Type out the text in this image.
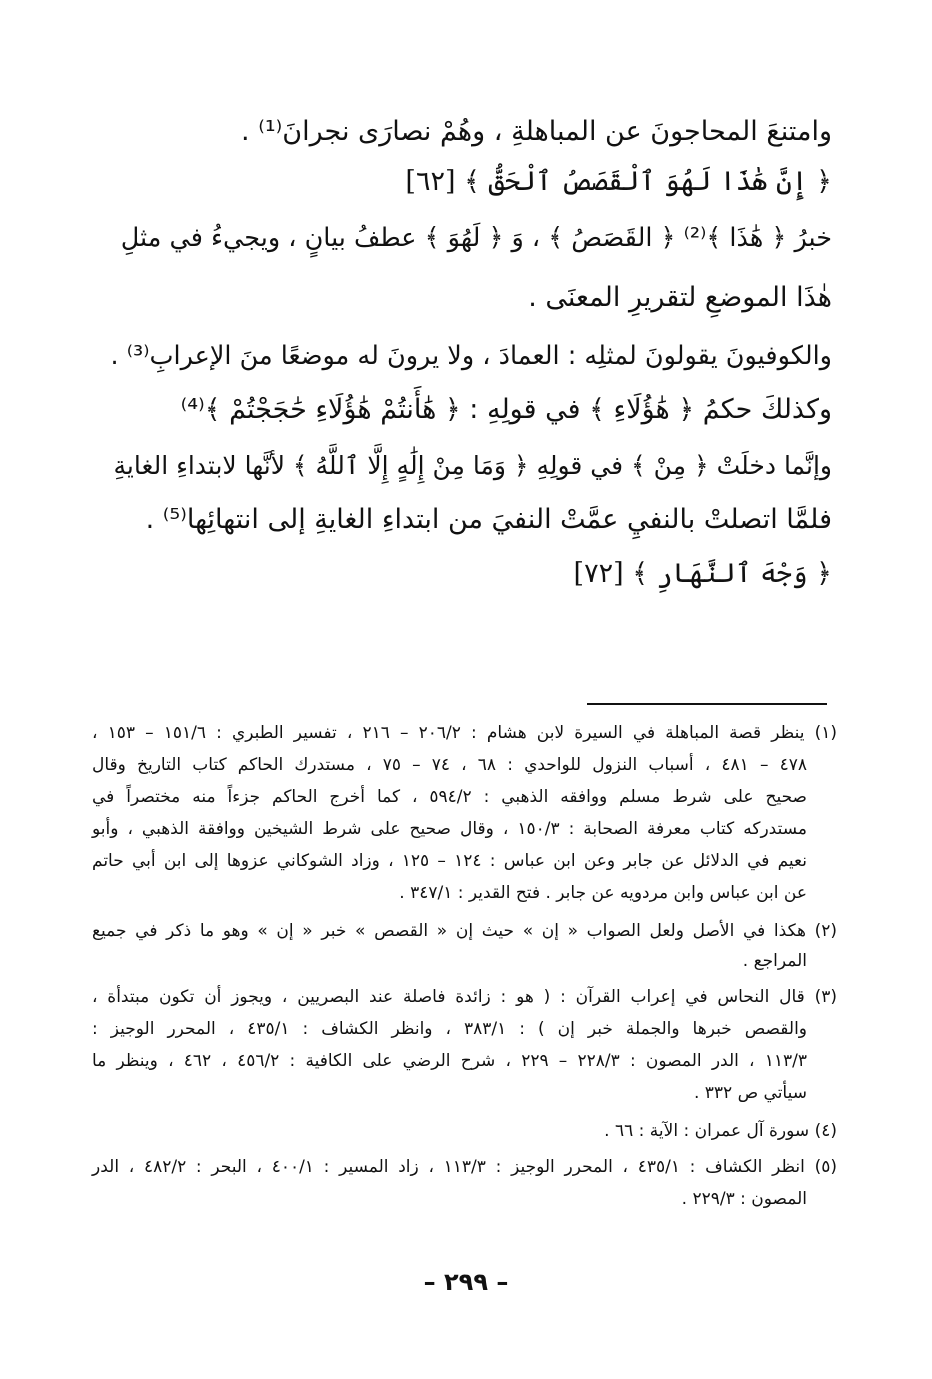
وامتنعَ المحاجونَ عن المباهلةِ ، وهُمْ نصارَى نجرانَ⁽¹⁾ .

﴿ إِنَّ هَٰذَا لَهُوَ ٱلْقَصَصُ ٱلْحَقُّ ﴾ [٦٢]

خبرُ ﴿ هَٰذَا ﴾⁽²⁾ ﴿ القَصَصُ ﴾ ، وَ ﴿ لَهُوَ ﴾ عطفُ بيانٍ ، ويجيءُ في مثلِ

هٰذَا الموضعِ لتقريرِ المعنَى .

والكوفيونَ يقولونَ لمثلِه : العمادَ ، ولا يرونَ له موضعًا منَ الإعرابِ⁽³⁾ .

وكذلكَ حكمُ ﴿ هَٰؤُلَاءِ ﴾ في قولِهِ : ﴿ هَٰأَنتُمْ هَٰؤُلَاءِ حَٰجَجْتُمْ ﴾⁽⁴⁾

وإنَّما دخلَتْ ﴿ مِنْ ﴾ في قولِهِ ﴿ وَمَا مِنْ إِلَٰهٍ إِلَّا ٱللَّهُ ﴾ لأنَّها لابتداءِ الغايةِ

فلمَّا اتصلتْ بالنفيِ عمَّتْ النفيَ من ابتداءِ الغايةِ إلى انتهائِها⁽⁵⁾ .

﴿ وَجْهَ ٱلنَّهَارِ ﴾ [٧٢]

(١) ينظر قصة المباهلة في السيرة لابن هشام : ٢٠٦/٢ – ٢١٦ ، تفسير الطبري : ١٥١/٦ – ١٥٣ ،

٤٧٨ – ٤٨١ ، أسباب النزول للواحدي : ٦٨ ، ٧٤ – ٧٥ ، مستدرك الحاكم كتاب التاريخ وقال

صحيح على شرط مسلم ووافقه الذهبي : ٥٩٤/٢ ، كما أخرج الحاكم جزءاً منه مختصراً في

مستدركه كتاب معرفة الصحابة : ١٥٠/٣ ، وقال صحيح على شرط الشيخين ووافقة الذهبي ، وأبو

نعيم في الدلائل عن جابر وعن ابن عباس : ١٢٤ – ١٢٥ ، وزاد الشوكاني عزوها إلى ابن أبي حاتم

عن ابن عباس وابن مردويه عن جابر . فتح القدير : ٣٤٧/١ .

(٢) هكذا في الأصل ولعل الصواب « إن » حيث إن « القصص » خبر « إن » وهو ما ذكر في جميع

المراجع .

(٣) قال النحاس في إعراب القرآن : ( هو : زائدة فاصلة عند البصريين ، ويجوز أن تكون مبتدأة ،

والقصص خبرها والجملة خبر إن ) : ٣٨٣/١ ، وانظر الكشاف : ٤٣٥/١ ، المحرر الوجيز :

١١٣/٣ ، الدر المصون : ٢٢٨/٣ – ٢٢٩ ، شرح الرضي على الكافية : ٤٥٦/٢ ، ٤٦٢ ، وينظر ما

سيأتي ص ٣٣٢ .

(٤) سورة آل عمران : الآية : ٦٦ .

(٥) انظر الكشاف : ٤٣٥/١ ، المحرر الوجيز : ١١٣/٣ ، زاد المسير : ٤٠٠/١ ، البحر : ٤٨٢/٢ ، الدر

المصون : ٢٢٩/٣ .

– ٢٩٩ –
